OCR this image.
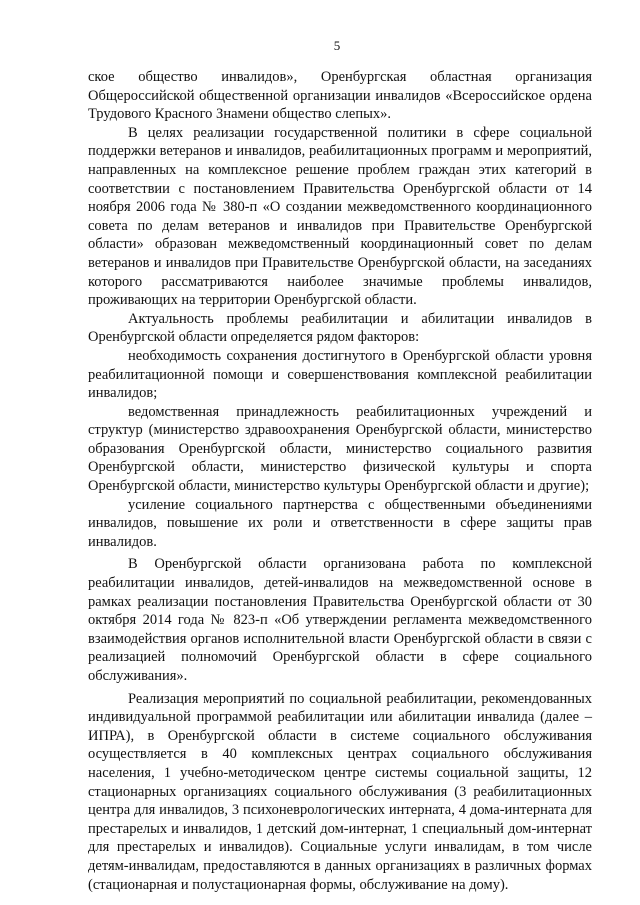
5

ское общество инвалидов», Оренбургская областная организация Общероссийской общественной организации инвалидов «Всероссийское ордена Трудового Красного Знамени общество слепых».

В целях реализации государственной политики в сфере социальной поддержки ветеранов и инвалидов, реабилитационных программ и мероприятий, направленных на комплексное решение проблем граждан этих категорий в соответствии с постановлением Правительства Оренбургской области от 14 ноября 2006 года № 380-п «О создании межведомственного координационного совета по делам ветеранов и инвалидов при Правительстве Оренбургской области» образован межведомственный координационный совет по делам ветеранов и инвалидов при Правительстве Оренбургской области, на заседаниях которого рассматриваются наиболее значимые проблемы инвалидов, проживающих на территории Оренбургской области.

Актуальность проблемы реабилитации и абилитации инвалидов в Оренбургской области определяется рядом факторов:

необходимость сохранения достигнутого в Оренбургской области уровня реабилитационной помощи и совершенствования комплексной реабилитации инвалидов;

ведомственная принадлежность реабилитационных учреждений и структур (министерство здравоохранения Оренбургской области, министерство образования Оренбургской области, министерство социального развития Оренбургской области, министерство физической культуры и спорта Оренбургской области, министерство культуры Оренбургской области и другие);

усиление социального партнерства с общественными объединениями инвалидов, повышение их роли и ответственности в сфере защиты прав инвалидов.

В Оренбургской области организована работа по комплексной реабилитации инвалидов, детей-инвалидов на межведомственной основе в рамках реализации постановления Правительства Оренбургской области от 30 октября 2014 года № 823-п «Об утверждении регламента межведомственного взаимодействия органов исполнительной власти Оренбургской области в связи с реализацией полномочий Оренбургской области в сфере социального обслуживания».

Реализация мероприятий по социальной реабилитации, рекомендованных индивидуальной программой реабилитации или абилитации инвалида (далее – ИПРА), в Оренбургской области в системе социального обслуживания осуществляется в 40 комплексных центрах социального обслуживания населения, 1 учебно-методическом центре системы социальной защиты, 12 стационарных организациях социального обслуживания (3 реабилитационных центра для инвалидов, 3 психоневрологических интерната, 4 дома-интерната для престарелых и инвалидов, 1 детский дом-интернат, 1 специальный дом-интернат для престарелых и инвалидов). Социальные услуги инвалидам, в том числе детям-инвалидам, предоставляются в данных организациях в различных формах (стационарная и полустационарная формы, обслуживание на дому).
